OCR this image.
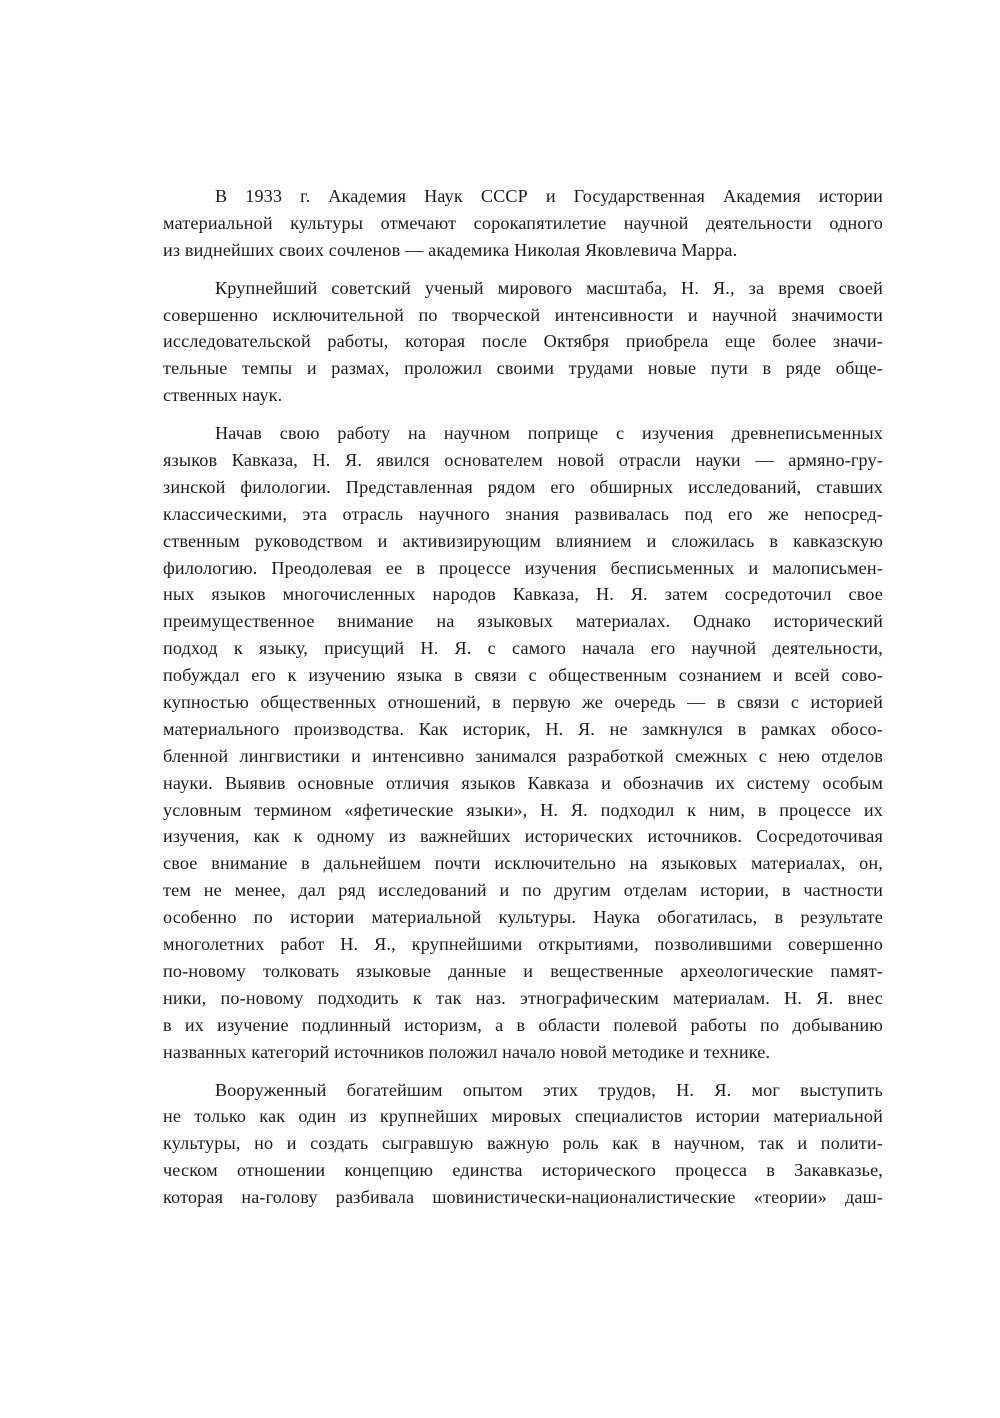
В 1933 г. Академия Наук СССР и Государственная Академия истории
материальной культуры отмечают сорокапятилетие научной деятельности одного
из виднейших своих сочленов — академика Николая Яковлевича Марра.
Крупнейший советский ученый мирового масштаба, Н. Я., за время своей
совершенно исключительной по творческой интенсивности и научной значимости
исследовательской работы, которая после Октября приобрела еще более значи-
тельные темпы и размах, проложил своими трудами новые пути в ряде обще-
ственных наук.
Начав свою работу на научном поприще с изучения древнеписьменных
языков Кавказа, Н. Я. явился основателем новой отрасли науки — армяно-гру-
зинской филологии. Представленная рядом его обширных исследований, ставших
классическими, эта отрасль научного знания развивалась под его же непосред-
ственным руководством и активизирующим влиянием и сложилась в кавказскую
филологию. Преодолевая ее в процессе изучения бесписьменных и малописьмен-
ных языков многочисленных народов Кавказа, Н. Я. затем сосредоточил свое
преимущественное внимание на языковых материалах. Однако исторический
подход к языку, присущий Н. Я. с самого начала его научной деятельности,
побуждал его к изучению языка в связи с общественным сознанием и всей сово-
купностью общественных отношений, в первую же очередь — в связи с историей
материального производства. Как историк, Н. Я. не замкнулся в рамках обосо-
бленной лингвистики и интенсивно занимался разработкой смежных с нею отделов
науки. Выявив основные отличия языков Кавказа и обозначив их систему особым
условным термином «яфетические языки», Н. Я. подходил к ним, в процессе их
изучения, как к одному из важнейших исторических источников. Сосредоточивая
свое внимание в дальнейшем почти исключительно на языковых материалах, он,
тем не менее, дал ряд исследований и по другим отделам истории, в частности
особенно по истории материальной культуры. Наука обогатилась, в результате
многолетних работ Н. Я., крупнейшими открытиями, позволившими совершенно
по-новому толковать языковые данные и вещественные археологические памят-
ники, по-новому подходить к так наз. этнографическим материалам. Н. Я. внес
в их изучение подлинный историзм, а в области полевой работы по добыванию
названных категорий источников положил начало новой методике и технике.
Вооруженный богатейшим опытом этих трудов, Н. Я. мог выступить
не только как один из крупнейших мировых специалистов истории материальной
культуры, но и создать сыгравшую важную роль как в научном, так и полити-
ческом отношении концепцию единства исторического процесса в Закавказье,
которая на-голову разбивала шовинистически-националистические «теории» даш-
